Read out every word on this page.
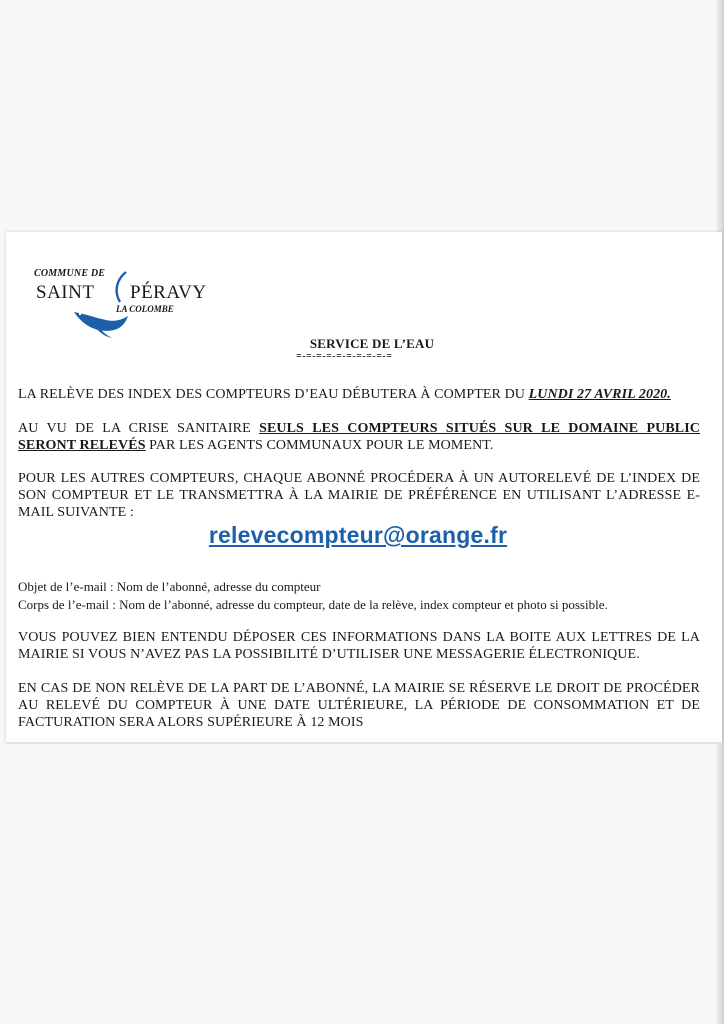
COMMUNE DE
SAINT PÉRAVY
LA COLOMBE
SERVICE DE L’EAU
=-=-=-=-=-=-=-=-=-=
LA RELÈVE DES INDEX DES COMPTEURS D’EAU DÉBUTERA À COMPTER DU LUNDI 27 AVRIL 2020.
AU VU DE LA CRISE SANITAIRE SEULS LES COMPTEURS SITUÉS SUR LE DOMAINE PUBLIC SERONT RELEVÉS PAR LES AGENTS COMMUNAUX POUR LE MOMENT.
POUR LES AUTRES COMPTEURS, CHAQUE ABONNÉ PROCÉDERA À UN AUTORELEVÉ DE L’INDEX DE SON COMPTEUR ET LE TRANSMETTRA À LA MAIRIE DE PRÉFÉRENCE EN UTILISANT L’ADRESSE E-MAIL SUIVANTE :
relevecompteur@orange.fr
Objet de l’e-mail : Nom de l’abonné, adresse du compteur
Corps de l’e-mail : Nom de l’abonné, adresse du compteur, date de la relève, index compteur et photo si possible.
VOUS POUVEZ BIEN ENTENDU DÉPOSER CES INFORMATIONS DANS LA BOITE AUX LETTRES DE LA MAIRIE SI VOUS N’AVEZ PAS LA POSSIBILITÉ D’UTILISER UNE MESSAGERIE ÉLECTRONIQUE.
EN CAS DE NON RELÈVE DE LA PART DE L’ABONNÉ, LA MAIRIE SE RÉSERVE LE DROIT DE PROCÉDER AU RELEVÉ DU COMPTEUR À UNE DATE ULTÉRIEURE, LA PÉRIODE DE CONSOMMATION ET DE FACTURATION SERA ALORS SUPÉRIEURE À 12 MOIS
